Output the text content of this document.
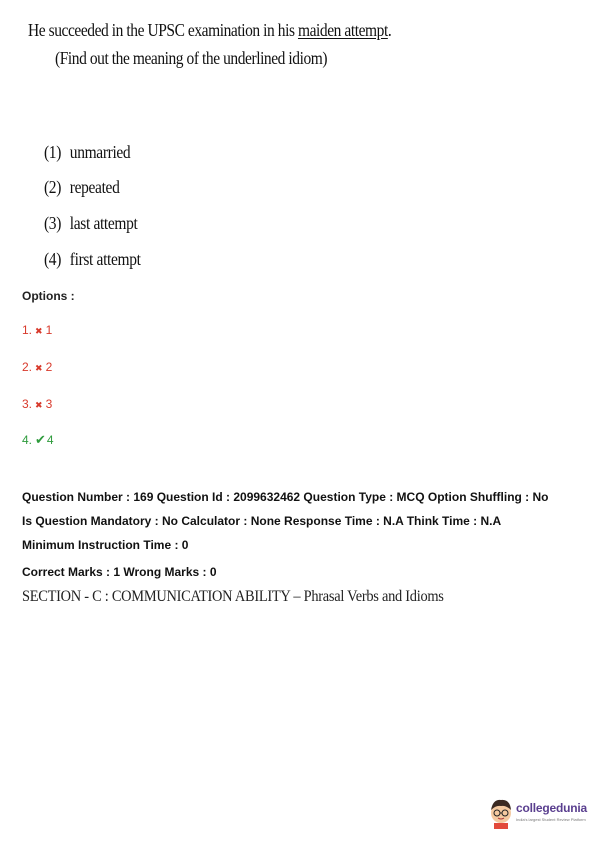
He succeeded in the UPSC examination in his maiden attempt.
(Find out the meaning of the underlined idiom)
(1) unmarried
(2) repeated
(3) last attempt
(4) first attempt
Options :
1. ✖ 1
2. ✖ 2
3. ✖ 3
4. ✔4
Question Number : 169 Question Id : 2099632462 Question Type : MCQ Option Shuffling : No
Is Question Mandatory : No Calculator : None Response Time : N.A Think Time : N.A
Minimum Instruction Time : 0
Correct Marks : 1 Wrong Marks : 0
SECTION - C : COMMUNICATION ABILITY – Phrasal Verbs and Idioms
collegedunia
India's largest Student Review Platform
